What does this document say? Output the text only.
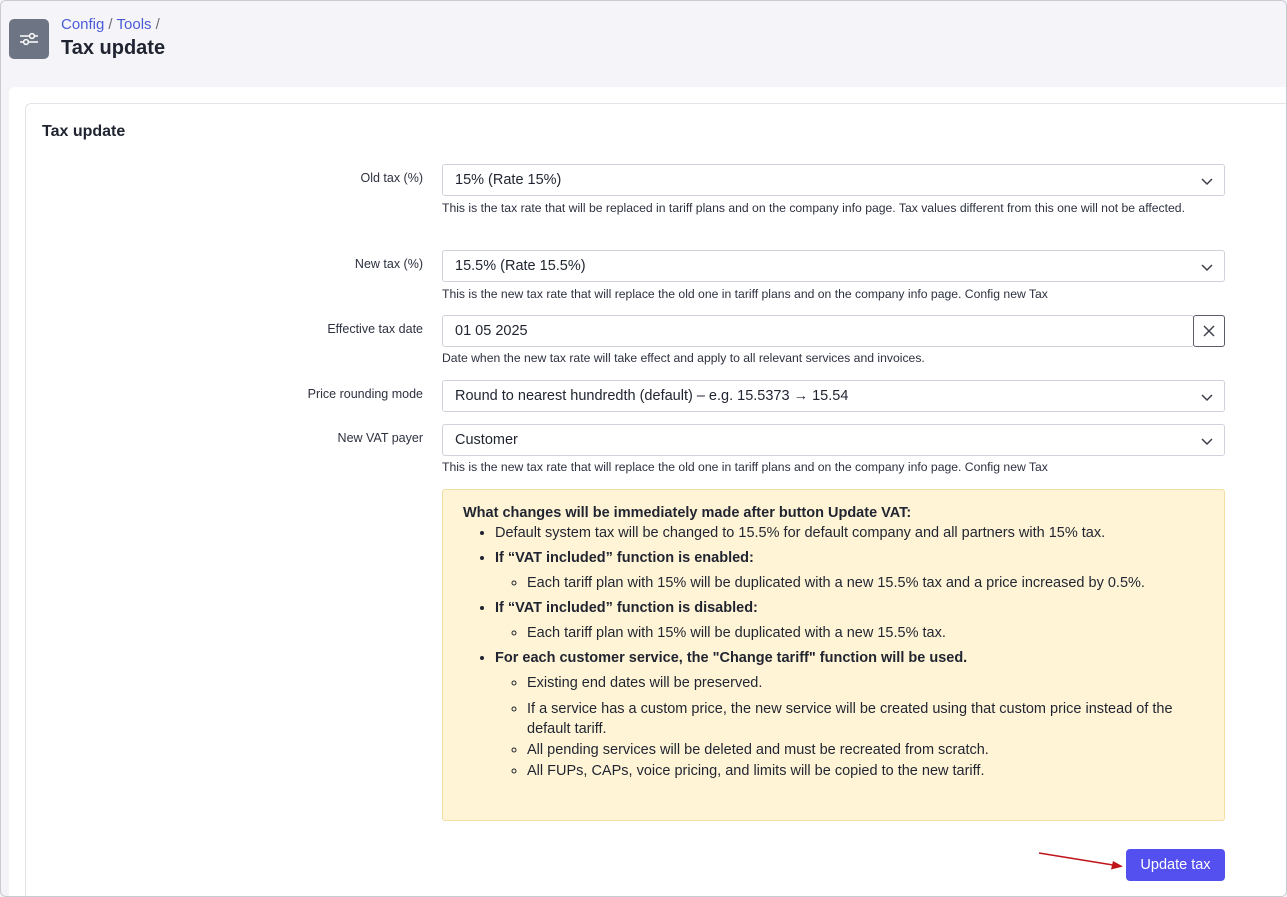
Config / Tools /
Tax update
Tax update
Old tax (%) 15% (Rate 15%)
This is the tax rate that will be replaced in tariff plans and on the company info page. Tax values different from this one will not be affected.
New tax (%) 15.5% (Rate 15.5%)
This is the new tax rate that will replace the old one in tariff plans and on the company info page. Config new Tax
Effective tax date 01 05 2025
Date when the new tax rate will take effect and apply to all relevant services and invoices.
Price rounding mode Round to nearest hundredth (default) – e.g. 15.5373 → 15.54
New VAT payer Customer
This is the new tax rate that will replace the old one in tariff plans and on the company info page. Config new Tax
What changes will be immediately made after button Update VAT:
• Default system tax will be changed to 15.5% for default company and all partners with 15% tax.
• If “VAT included” function is enabled:
◦ Each tariff plan with 15% will be duplicated with a new 15.5% tax and a price increased by 0.5%.
• If “VAT included” function is disabled:
◦ Each tariff plan with 15% will be duplicated with a new 15.5% tax.
• For each customer service, the "Change tariff" function will be used.
◦ Existing end dates will be preserved.
◦ If a service has a custom price, the new service will be created using that custom price instead of the default tariff.
◦ All pending services will be deleted and must be recreated from scratch.
◦ All FUPs, CAPs, voice pricing, and limits will be copied to the new tariff.
Update tax
